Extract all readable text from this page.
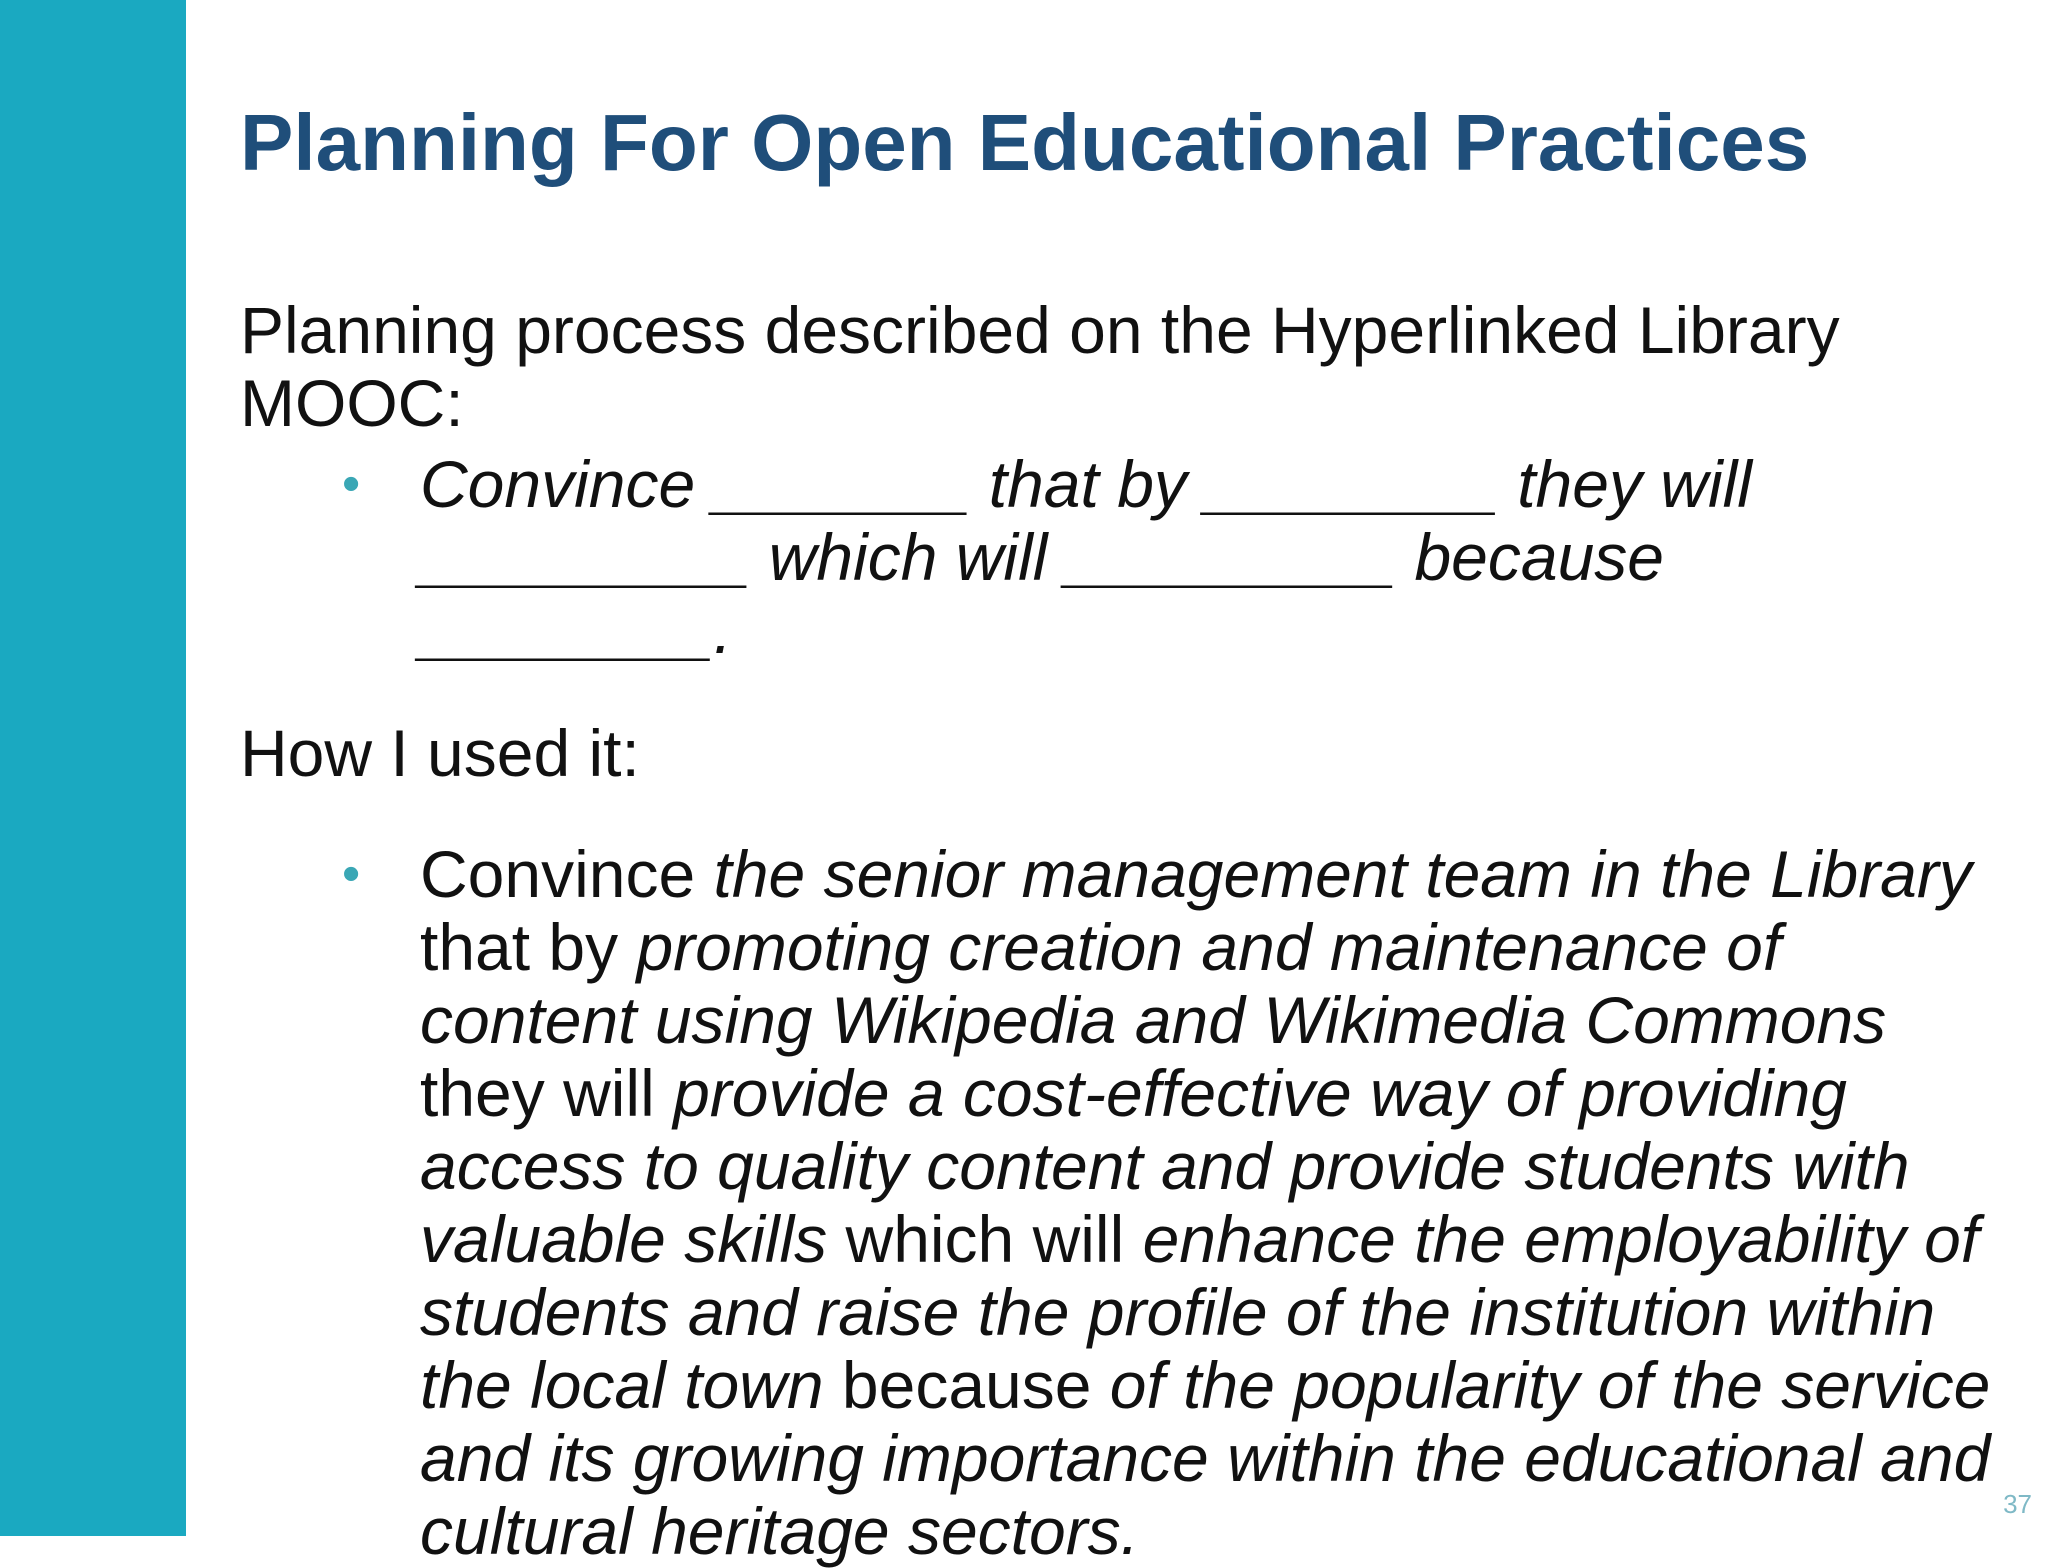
Planning For Open Educational Practices

Planning process described on the Hyperlinked Library MOOC:

• Convince _______ that by ________ they will _________ which will _________ because ________.

How I used it:

• Convince the senior management team in the Library that by promoting creation and maintenance of content using Wikipedia and Wikimedia Commons they will provide a cost-effective way of providing access to quality content and provide students with valuable skills which will enhance the employability of students and raise the profile of the institution within the local town because of the popularity of the service and its growing importance within the educational and cultural heritage sectors.	37
